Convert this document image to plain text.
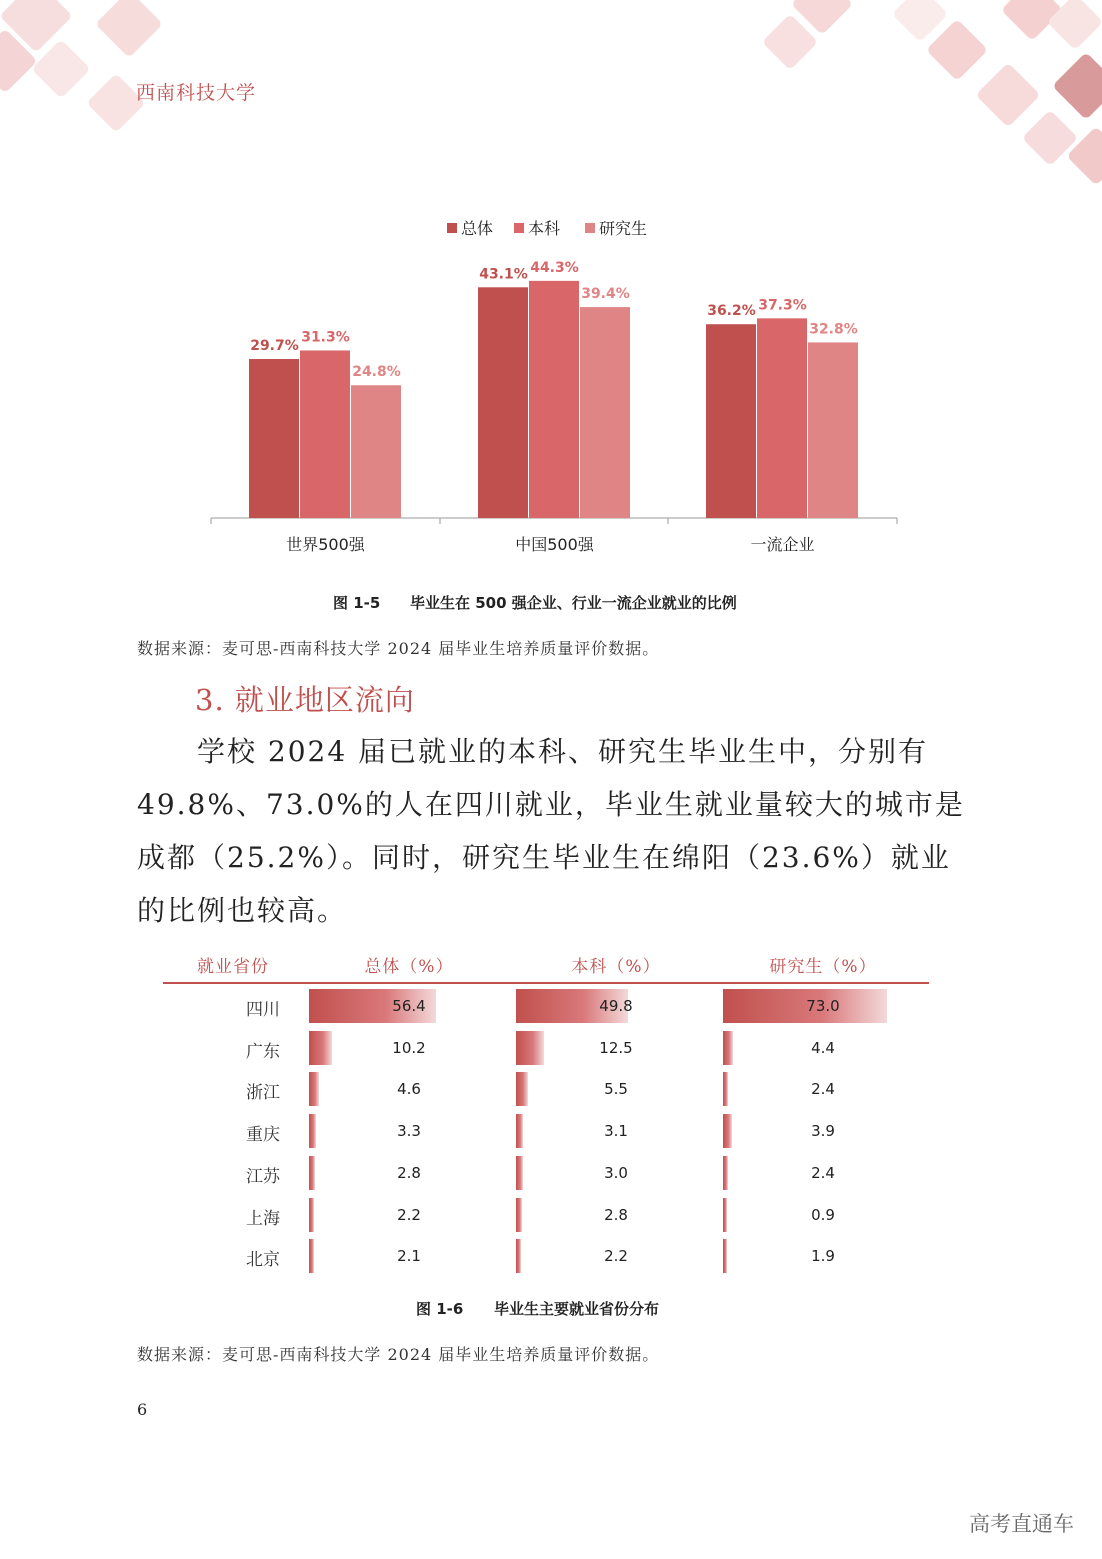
西南科技大学
29.7%
43.1%
36.2%
31.3%
44.3%
37.3%
24.8%
39.4%
32.8%
世界500强	中国500强	一流企业
总体 本科 研究生
图 1-5 毕业生在 500 强企业、行业一流企业就业的比例
数据来源：麦可思-西南科技大学 2024 届毕业生培养质量评价数据。
3. 就业地区流向

学校 2024 届已就业的本科、研究生毕业生中，分别有 49.8%、73.0%的人在四川就业，毕业生就业量较大的城市是成都（25.2%）。同时，研究生毕业生在绵阳（23.6%）就业的比例也较高。

就业省份	总体（%）	本科（%）	研究生（%）
四川	56.4	49.8	73.0
广东	10.2	12.5	4.4
浙江	4.6	5.5	2.4
重庆	3.3	3.1	3.9
江苏	2.8	3.0	2.4
上海	2.2	2.8	0.9
北京	2.1	2.2	1.9
图 1-6 毕业生主要就业省份分布
数据来源：麦可思-西南科技大学 2024 届毕业生培养质量评价数据。
6
高考直通车
